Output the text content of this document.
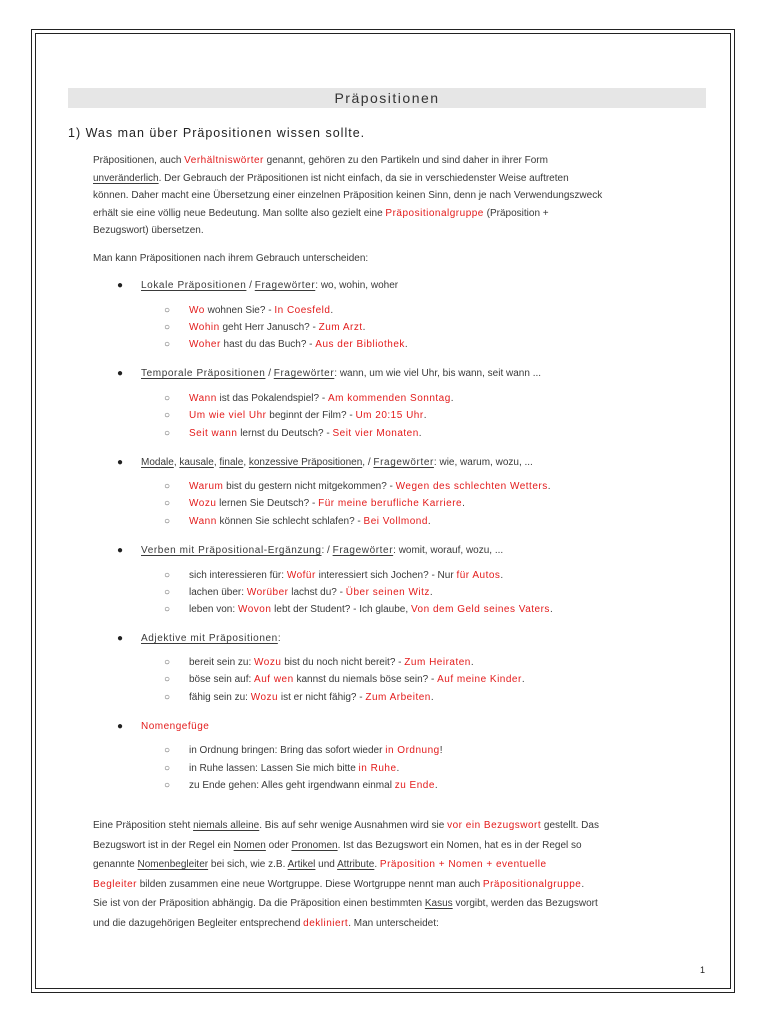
Präpositionen
1) Was man über Präpositionen wissen sollte.
Präpositionen, auch Verhältniswörter genannt, gehören zu den Partikeln und sind daher in ihrer Form
unveränderlich. Der Gebrauch der Präpositionen ist nicht einfach, da sie in verschiedenster Weise auftreten
können. Daher macht eine Übersetzung einer einzelnen Präposition keinen Sinn, denn je nach Verwendungszweck
erhält sie eine völlig neue Bedeutung. Man sollte also gezielt eine Präpositionalgruppe (Präposition +
Bezugswort) übersetzen.
Man kann Präpositionen nach ihrem Gebrauch unterscheiden:
● Lokale Präpositionen / Fragewörter: wo, wohin, woher
○ Wo wohnen Sie? - In Coesfeld.
○ Wohin geht Herr Janusch? - Zum Arzt.
○ Woher hast du das Buch? - Aus der Bibliothek.
● Temporale Präpositionen / Fragewörter: wann, um wie viel Uhr, bis wann, seit wann ...
○ Wann ist das Pokalendspiel? - Am kommenden Sonntag.
○ Um wie viel Uhr beginnt der Film? - Um 20:15 Uhr.
○ Seit wann lernst du Deutsch? - Seit vier Monaten.
● Modale, kausale, finale, konzessive Präpositionen, / Fragewörter: wie, warum, wozu, ...
○ Warum bist du gestern nicht mitgekommen? - Wegen des schlechten Wetters.
○ Wozu lernen Sie Deutsch? - Für meine berufliche Karriere.
○ Wann können Sie schlecht schlafen? - Bei Vollmond.
● Verben mit Präpositional-Ergänzung: / Fragewörter: womit, worauf, wozu, ...
○ sich interessieren für: Wofür interessiert sich Jochen? - Nur für Autos.
○ lachen über: Worüber lachst du? - Über seinen Witz.
○ leben von: Wovon lebt der Student? - Ich glaube, Von dem Geld seines Vaters.
● Adjektive mit Präpositionen:
○ bereit sein zu: Wozu bist du noch nicht bereit? - Zum Heiraten.
○ böse sein auf: Auf wen kannst du niemals böse sein? - Auf meine Kinder.
○ fähig sein zu: Wozu ist er nicht fähig? - Zum Arbeiten.
● Nomengefüge
○ in Ordnung bringen: Bring das sofort wieder in Ordnung!
○ in Ruhe lassen: Lassen Sie mich bitte in Ruhe.
○ zu Ende gehen: Alles geht irgendwann einmal zu Ende.
Eine Präposition steht niemals alleine. Bis auf sehr wenige Ausnahmen wird sie vor ein Bezugswort gestellt. Das
Bezugswort ist in der Regel ein Nomen oder Pronomen. Ist das Bezugswort ein Nomen, hat es in der Regel so
genannte Nomenbegleiter bei sich, wie z.B. Artikel und Attribute. Präposition + Nomen + eventuelle
Begleiter bilden zusammen eine neue Wortgruppe. Diese Wortgruppe nennt man auch Präpositionalgruppe.
Sie ist von der Präposition abhängig. Da die Präposition einen bestimmten Kasus vorgibt, werden das Bezugswort
und die dazugehörigen Begleiter entsprechend dekliniert. Man unterscheidet:
1
